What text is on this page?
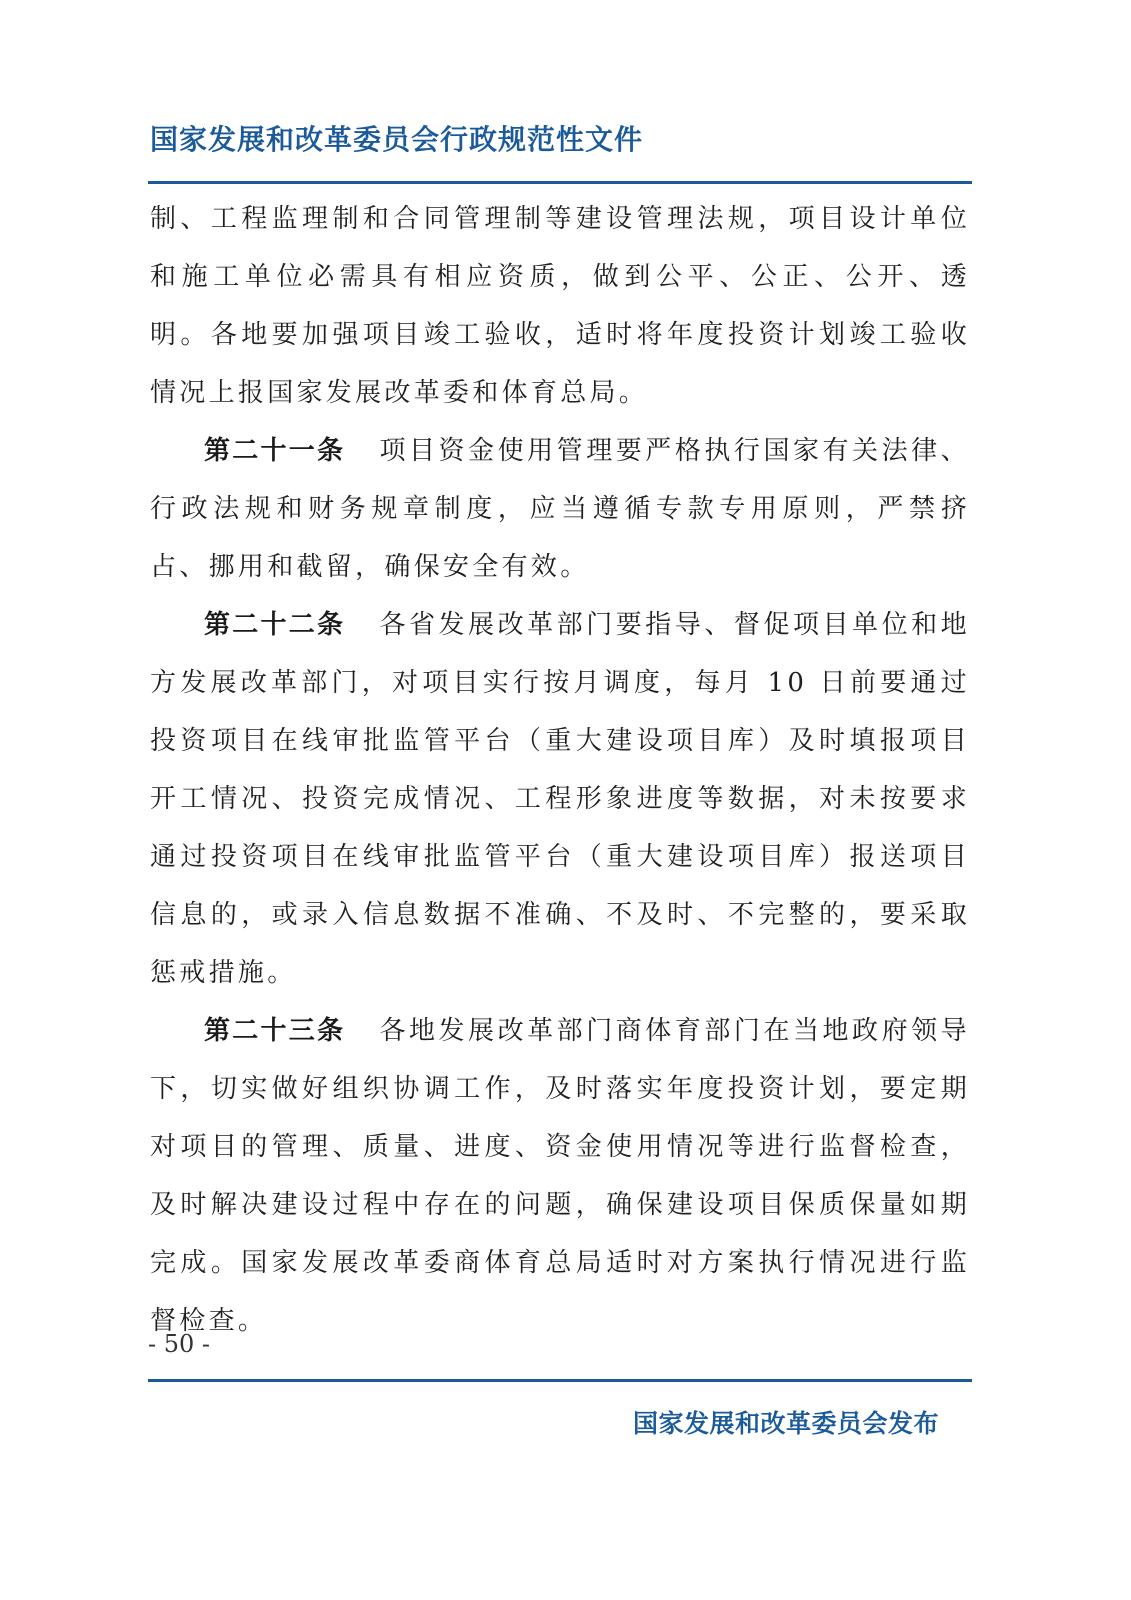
国家发展和改革委员会行政规范性文件

制、工程监理制和合同管理制等建设管理法规，项目设计单位和施工单位必需具有相应资质，做到公平、公正、公开、透明。各地要加强项目竣工验收，适时将年度投资计划竣工验收情况上报国家发展改革委和体育总局。

第二十一条 项目资金使用管理要严格执行国家有关法律、行政法规和财务规章制度，应当遵循专款专用原则，严禁挤占、挪用和截留，确保安全有效。

第二十二条 各省发展改革部门要指导、督促项目单位和地方发展改革部门，对项目实行按月调度，每月 10 日前要通过投资项目在线审批监管平台（重大建设项目库）及时填报项目开工情况、投资完成情况、工程形象进度等数据，对未按要求通过投资项目在线审批监管平台（重大建设项目库）报送项目信息的，或录入信息数据不准确、不及时、不完整的，要采取惩戒措施。

第二十三条 各地发展改革部门商体育部门在当地政府领导下，切实做好组织协调工作，及时落实年度投资计划，要定期对项目的管理、质量、进度、资金使用情况等进行监督检查，及时解决建设过程中存在的问题，确保建设项目保质保量如期完成。国家发展改革委商体育总局适时对方案执行情况进行监督检查。

- 50 -
国家发展和改革委员会发布
